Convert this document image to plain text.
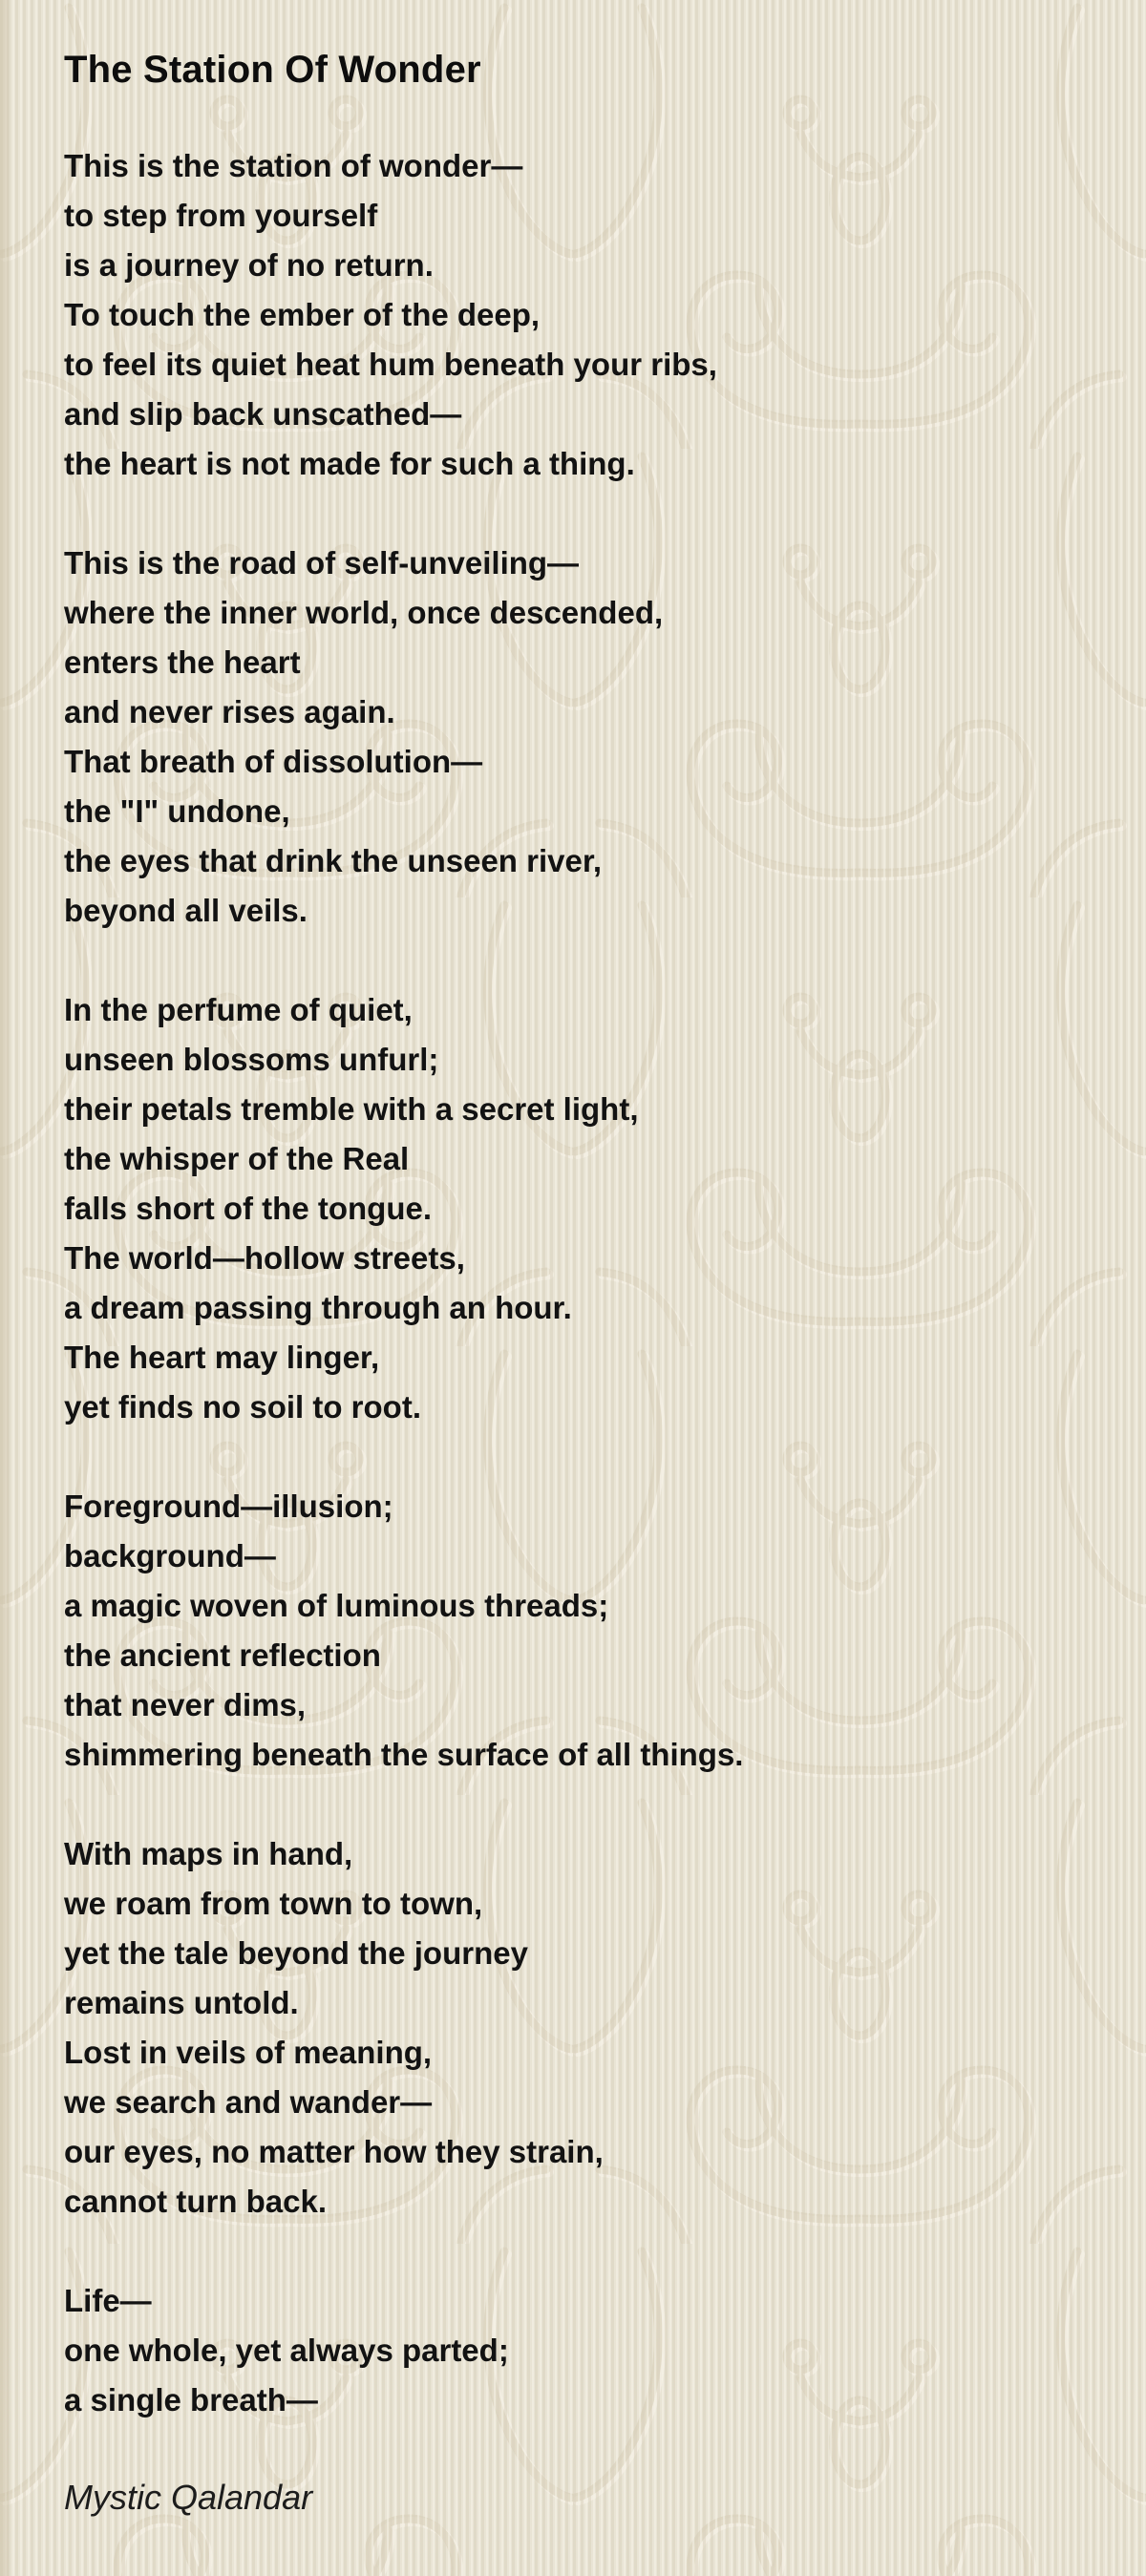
The Station Of Wonder
This is the station of wonder—
to step from yourself
is a journey of no return.
To touch the ember of the deep,
to feel its quiet heat hum beneath your ribs,
and slip back unscathed—
the heart is not made for such a thing.
This is the road of self-unveiling—
where the inner world, once descended,
enters the heart
and never rises again.
That breath of dissolution—
the "I" undone,
the eyes that drink the unseen river,
beyond all veils.
In the perfume of quiet,
unseen blossoms unfurl;
their petals tremble with a secret light,
the whisper of the Real
falls short of the tongue.
The world—hollow streets,
a dream passing through an hour.
The heart may linger,
yet finds no soil to root.
Foreground—illusion;
background—
a magic woven of luminous threads;
the ancient reflection
that never dims,
shimmering beneath the surface of all things.
With maps in hand,
we roam from town to town,
yet the tale beyond the journey
remains untold.
Lost in veils of meaning,
we search and wander—
our eyes, no matter how they strain,
cannot turn back.
Life—
one whole, yet always parted;
a single breath—
Mystic Qalandar
